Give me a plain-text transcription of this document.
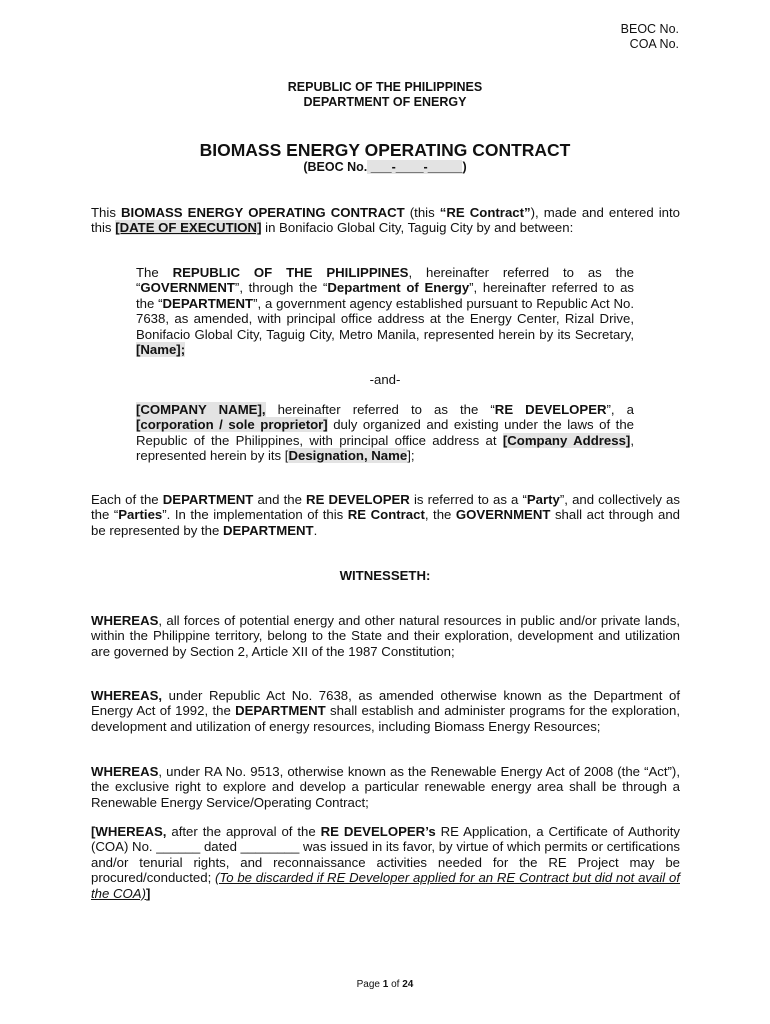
BEOC No.
COA No.
REPUBLIC OF THE PHILIPPINES
DEPARTMENT OF ENERGY
BIOMASS ENERGY OPERATING CONTRACT
(BEOC No. ___-____-_____)
This BIOMASS ENERGY OPERATING CONTRACT (this “RE Contract”), made and entered into this [DATE OF EXECUTION] in Bonifacio Global City, Taguig City by and between:
The REPUBLIC OF THE PHILIPPINES, hereinafter referred to as the “GOVERNMENT”, through the “Department of Energy”, hereinafter referred to as the “DEPARTMENT”, a government agency established pursuant to Republic Act No. 7638, as amended, with principal office address at the Energy Center, Rizal Drive, Bonifacio Global City, Taguig City, Metro Manila, represented herein by its Secretary, [Name];
-and-
[COMPANY NAME], hereinafter referred to as the “RE DEVELOPER”, a [corporation / sole proprietor] duly organized and existing under the laws of the Republic of the Philippines, with principal office address at [Company Address], represented herein by its [Designation, Name];
Each of the DEPARTMENT and the RE DEVELOPER is referred to as a “Party”, and collectively as the “Parties”. In the implementation of this RE Contract, the GOVERNMENT shall act through and be represented by the DEPARTMENT.
WITNESSETH:
WHEREAS, all forces of potential energy and other natural resources in public and/or private lands, within the Philippine territory, belong to the State and their exploration, development and utilization are governed by Section 2, Article XII of the 1987 Constitution;
WHEREAS, under Republic Act No. 7638, as amended otherwise known as the Department of Energy Act of 1992, the DEPARTMENT shall establish and administer programs for the exploration, development and utilization of energy resources, including Biomass Energy Resources;
WHEREAS, under RA No. 9513, otherwise known as the Renewable Energy Act of 2008 (the “Act”), the exclusive right to explore and develop a particular renewable energy area shall be through a Renewable Energy Service/Operating Contract;
[WHEREAS, after the approval of the RE DEVELOPER’s RE Application, a Certificate of Authority (COA) No. ______ dated ________ was issued in its favor, by virtue of which permits or certifications and/or tenurial rights, and reconnaissance activities needed for the RE Project may be procured/conducted; (To be discarded if RE Developer applied for an RE Contract but did not avail of the COA)]
Page 1 of 24
